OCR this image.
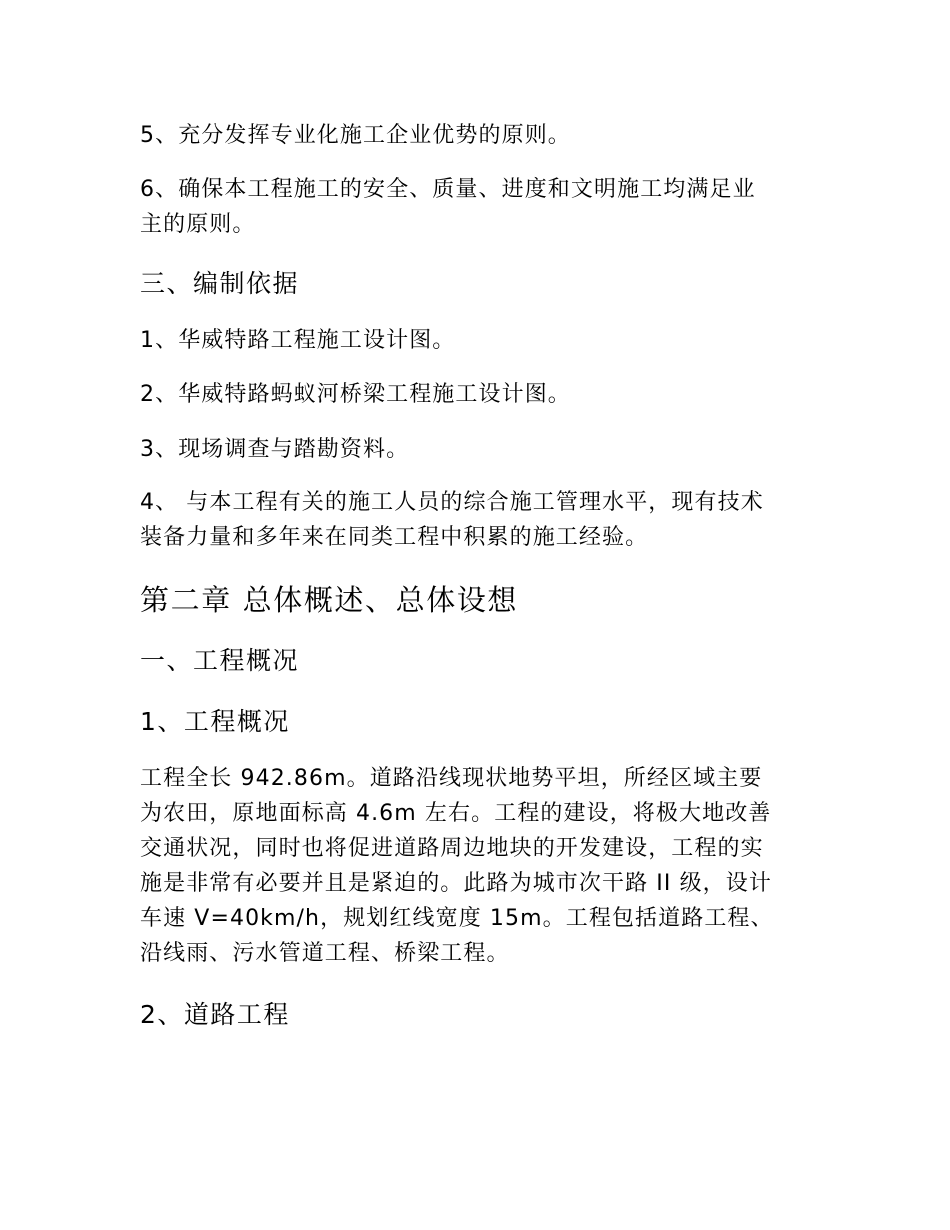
5、充分发挥专业化施工企业优势的原则。

6、确保本工程施工的安全、质量、进度和文明施工均满足业
主的原则。

三、编制依据

1、华威特路工程施工设计图。

2、华威特路蚂蚁河桥梁工程施工设计图。

3、现场调查与踏勘资料。

4、 与本工程有关的施工人员的综合施工管理水平，现有技术
装备力量和多年来在同类工程中积累的施工经验。

第二章 总体概述、总体设想

一、工程概况

1、工程概况

工程全长 942.86m。道路沿线现状地势平坦，所经区域主要
为农田，原地面标高 4.6m 左右。工程的建设，将极大地改善
交通状况，同时也将促进道路周边地块的开发建设，工程的实
施是非常有必要并且是紧迫的。此路为城市次干路 II 级，设计
车速 V=40km/h，规划红线宽度 15m。工程包括道路工程、
沿线雨、污水管道工程、桥梁工程。

2、道路工程
